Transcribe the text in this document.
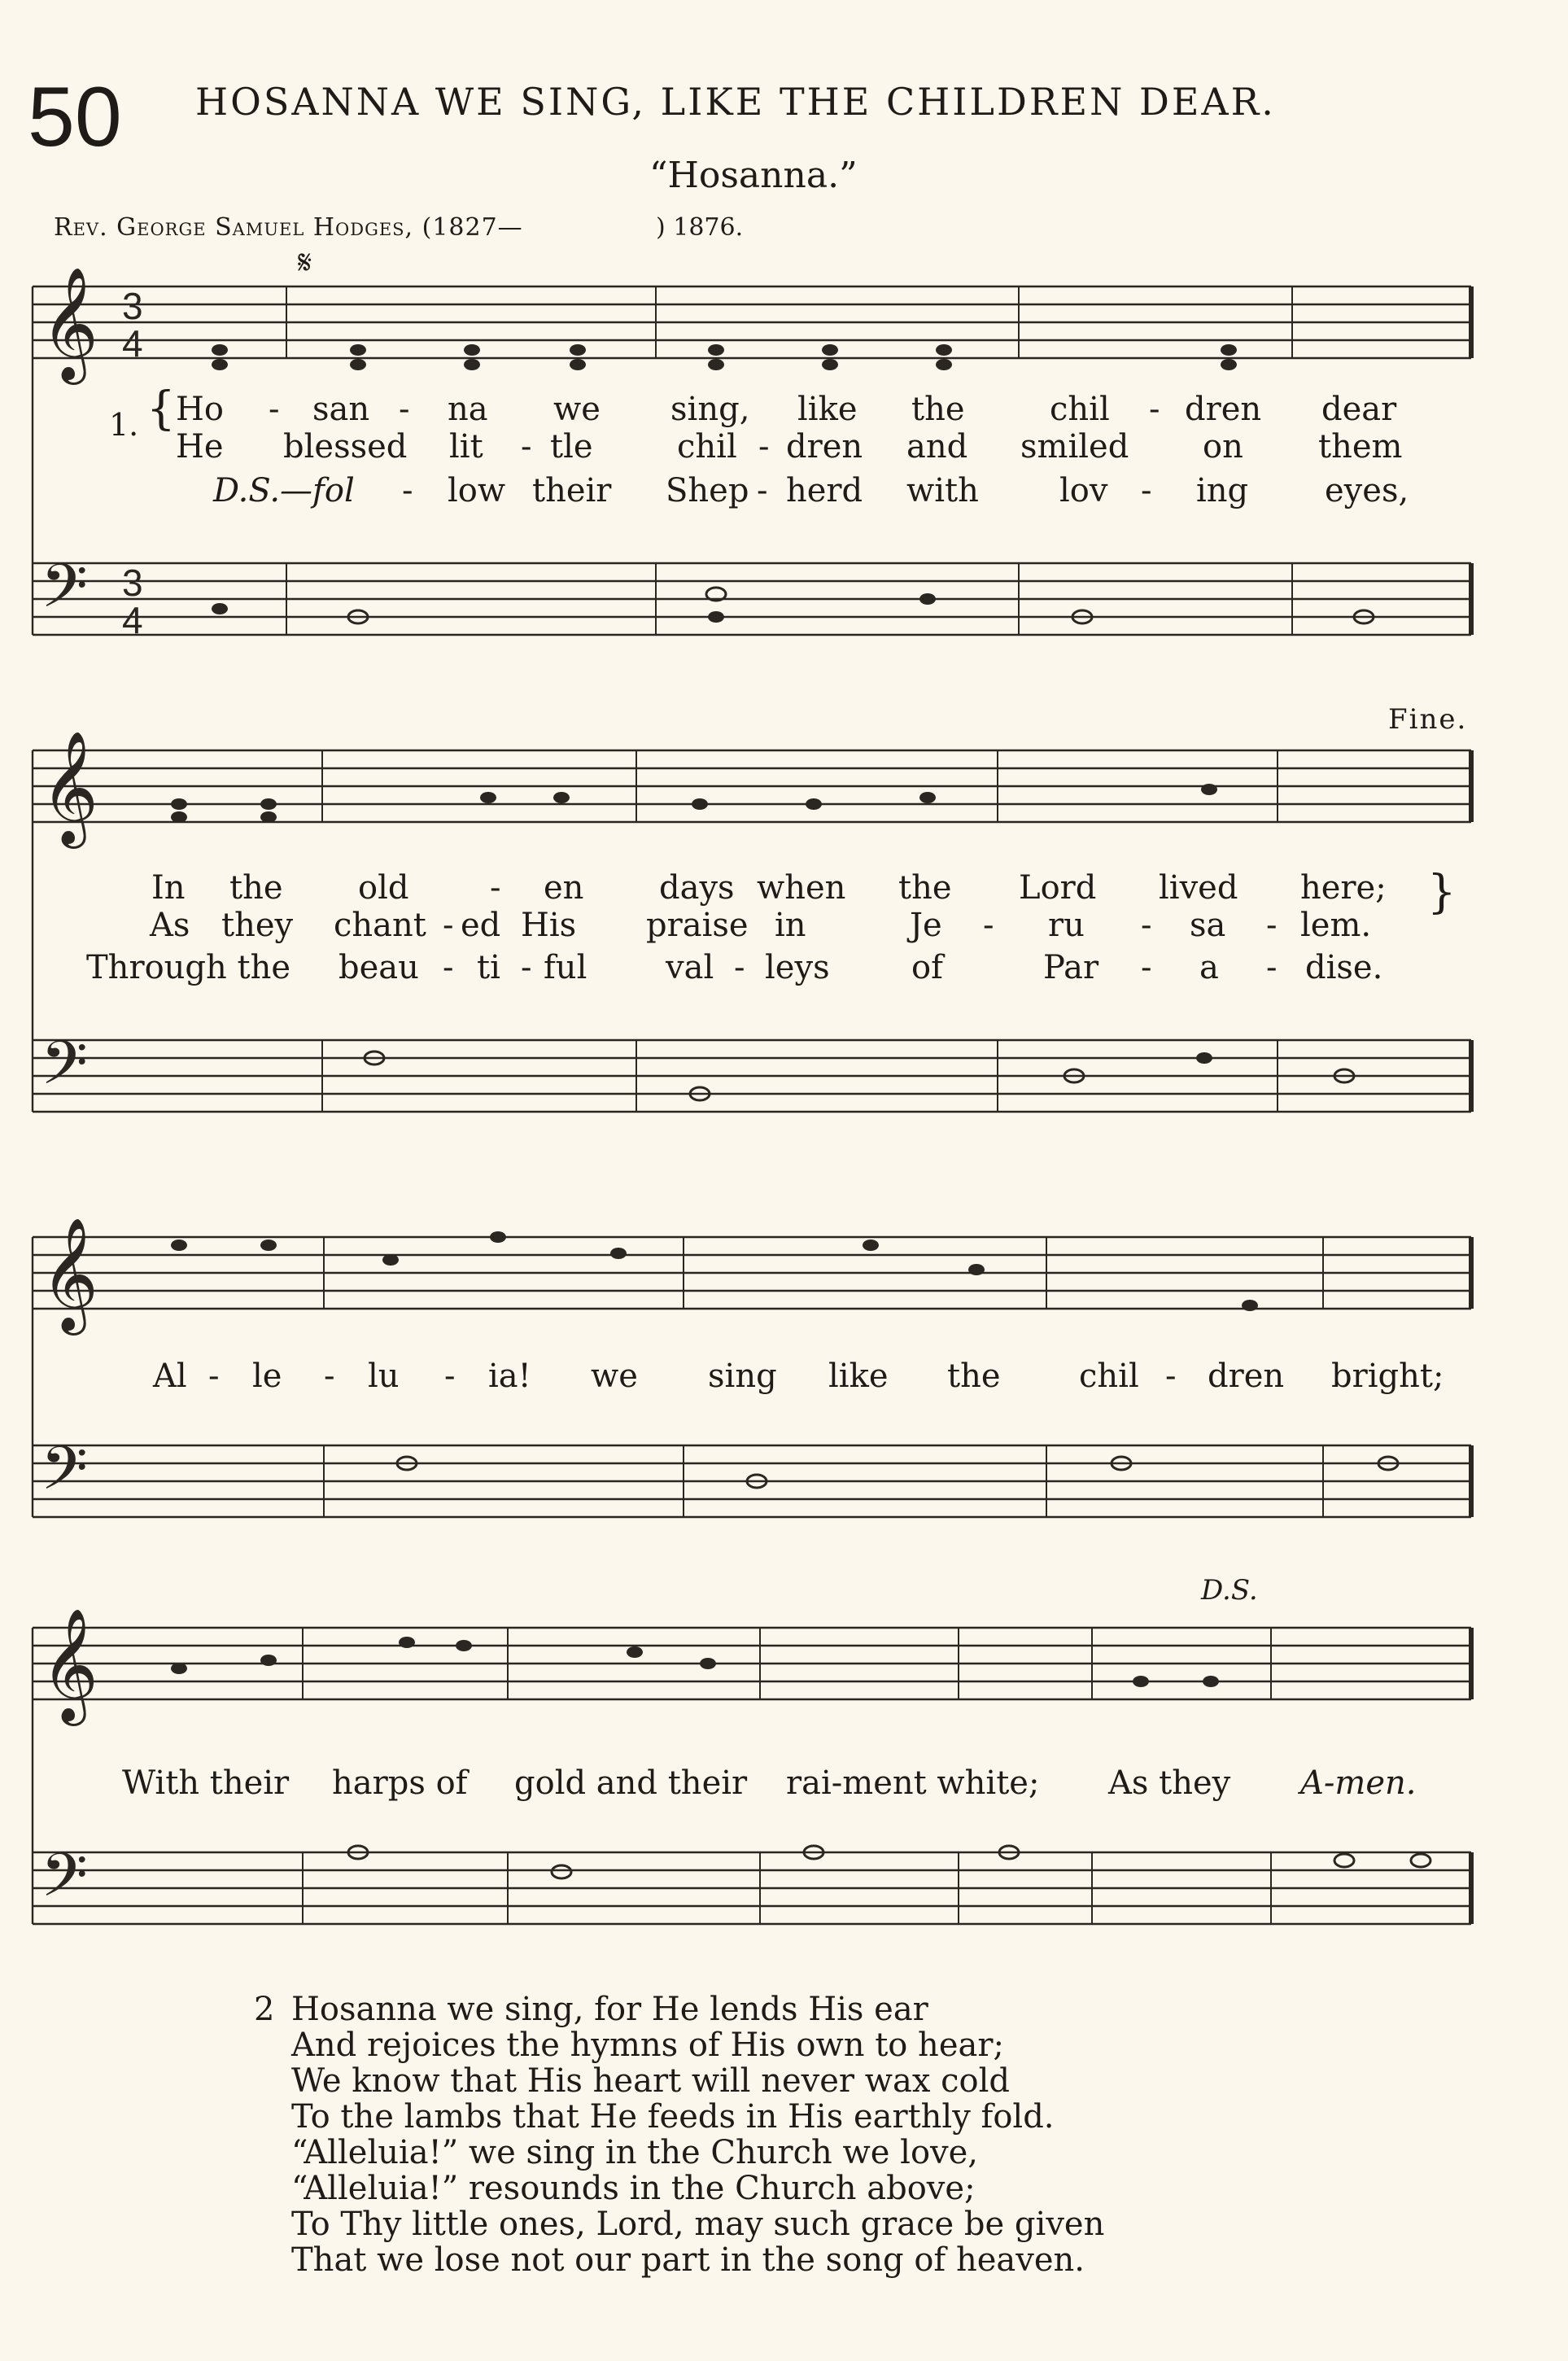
50 HOSANNA WE SING, LIKE THE CHILDREN DEAR.
“Hosanna.”
Rev. George Samuel Hodges, (1827—	) 1876.
𝄋
𝄞
𝄢
𝄞
𝄢
𝄞
𝄢
𝄞
𝄢
3
4
3
4
1. { Ho - san - na we sing, like the	chil - dren dear
He blessed lit - tle	chil - dren and smiled on them
D.S.—fol - low their Shep - herd with lov - ing eyes,
Fine.
In the old - en days when the Lord lived here;
As they chant - ed His praise in	Je - ru - sa - lem.
}
Through the beau - ti - ful val - leys	of	Par - a - dise.
Al - le - lu - ia! we sing like the chil - dren bright;
D.S.
With their harps of gold and their rai-ment white; As they A-men.
2 Hosanna we sing, for He lends His ear
And rejoices the hymns of His own to hear;
We know that His heart will never wax cold
To the lambs that He feeds in His earthly fold.
“Alleluia!” we sing in the Church we love,
“Alleluia!” resounds in the Church above;
To Thy little ones, Lord, may such grace be given
That we lose not our part in the song of heaven.
